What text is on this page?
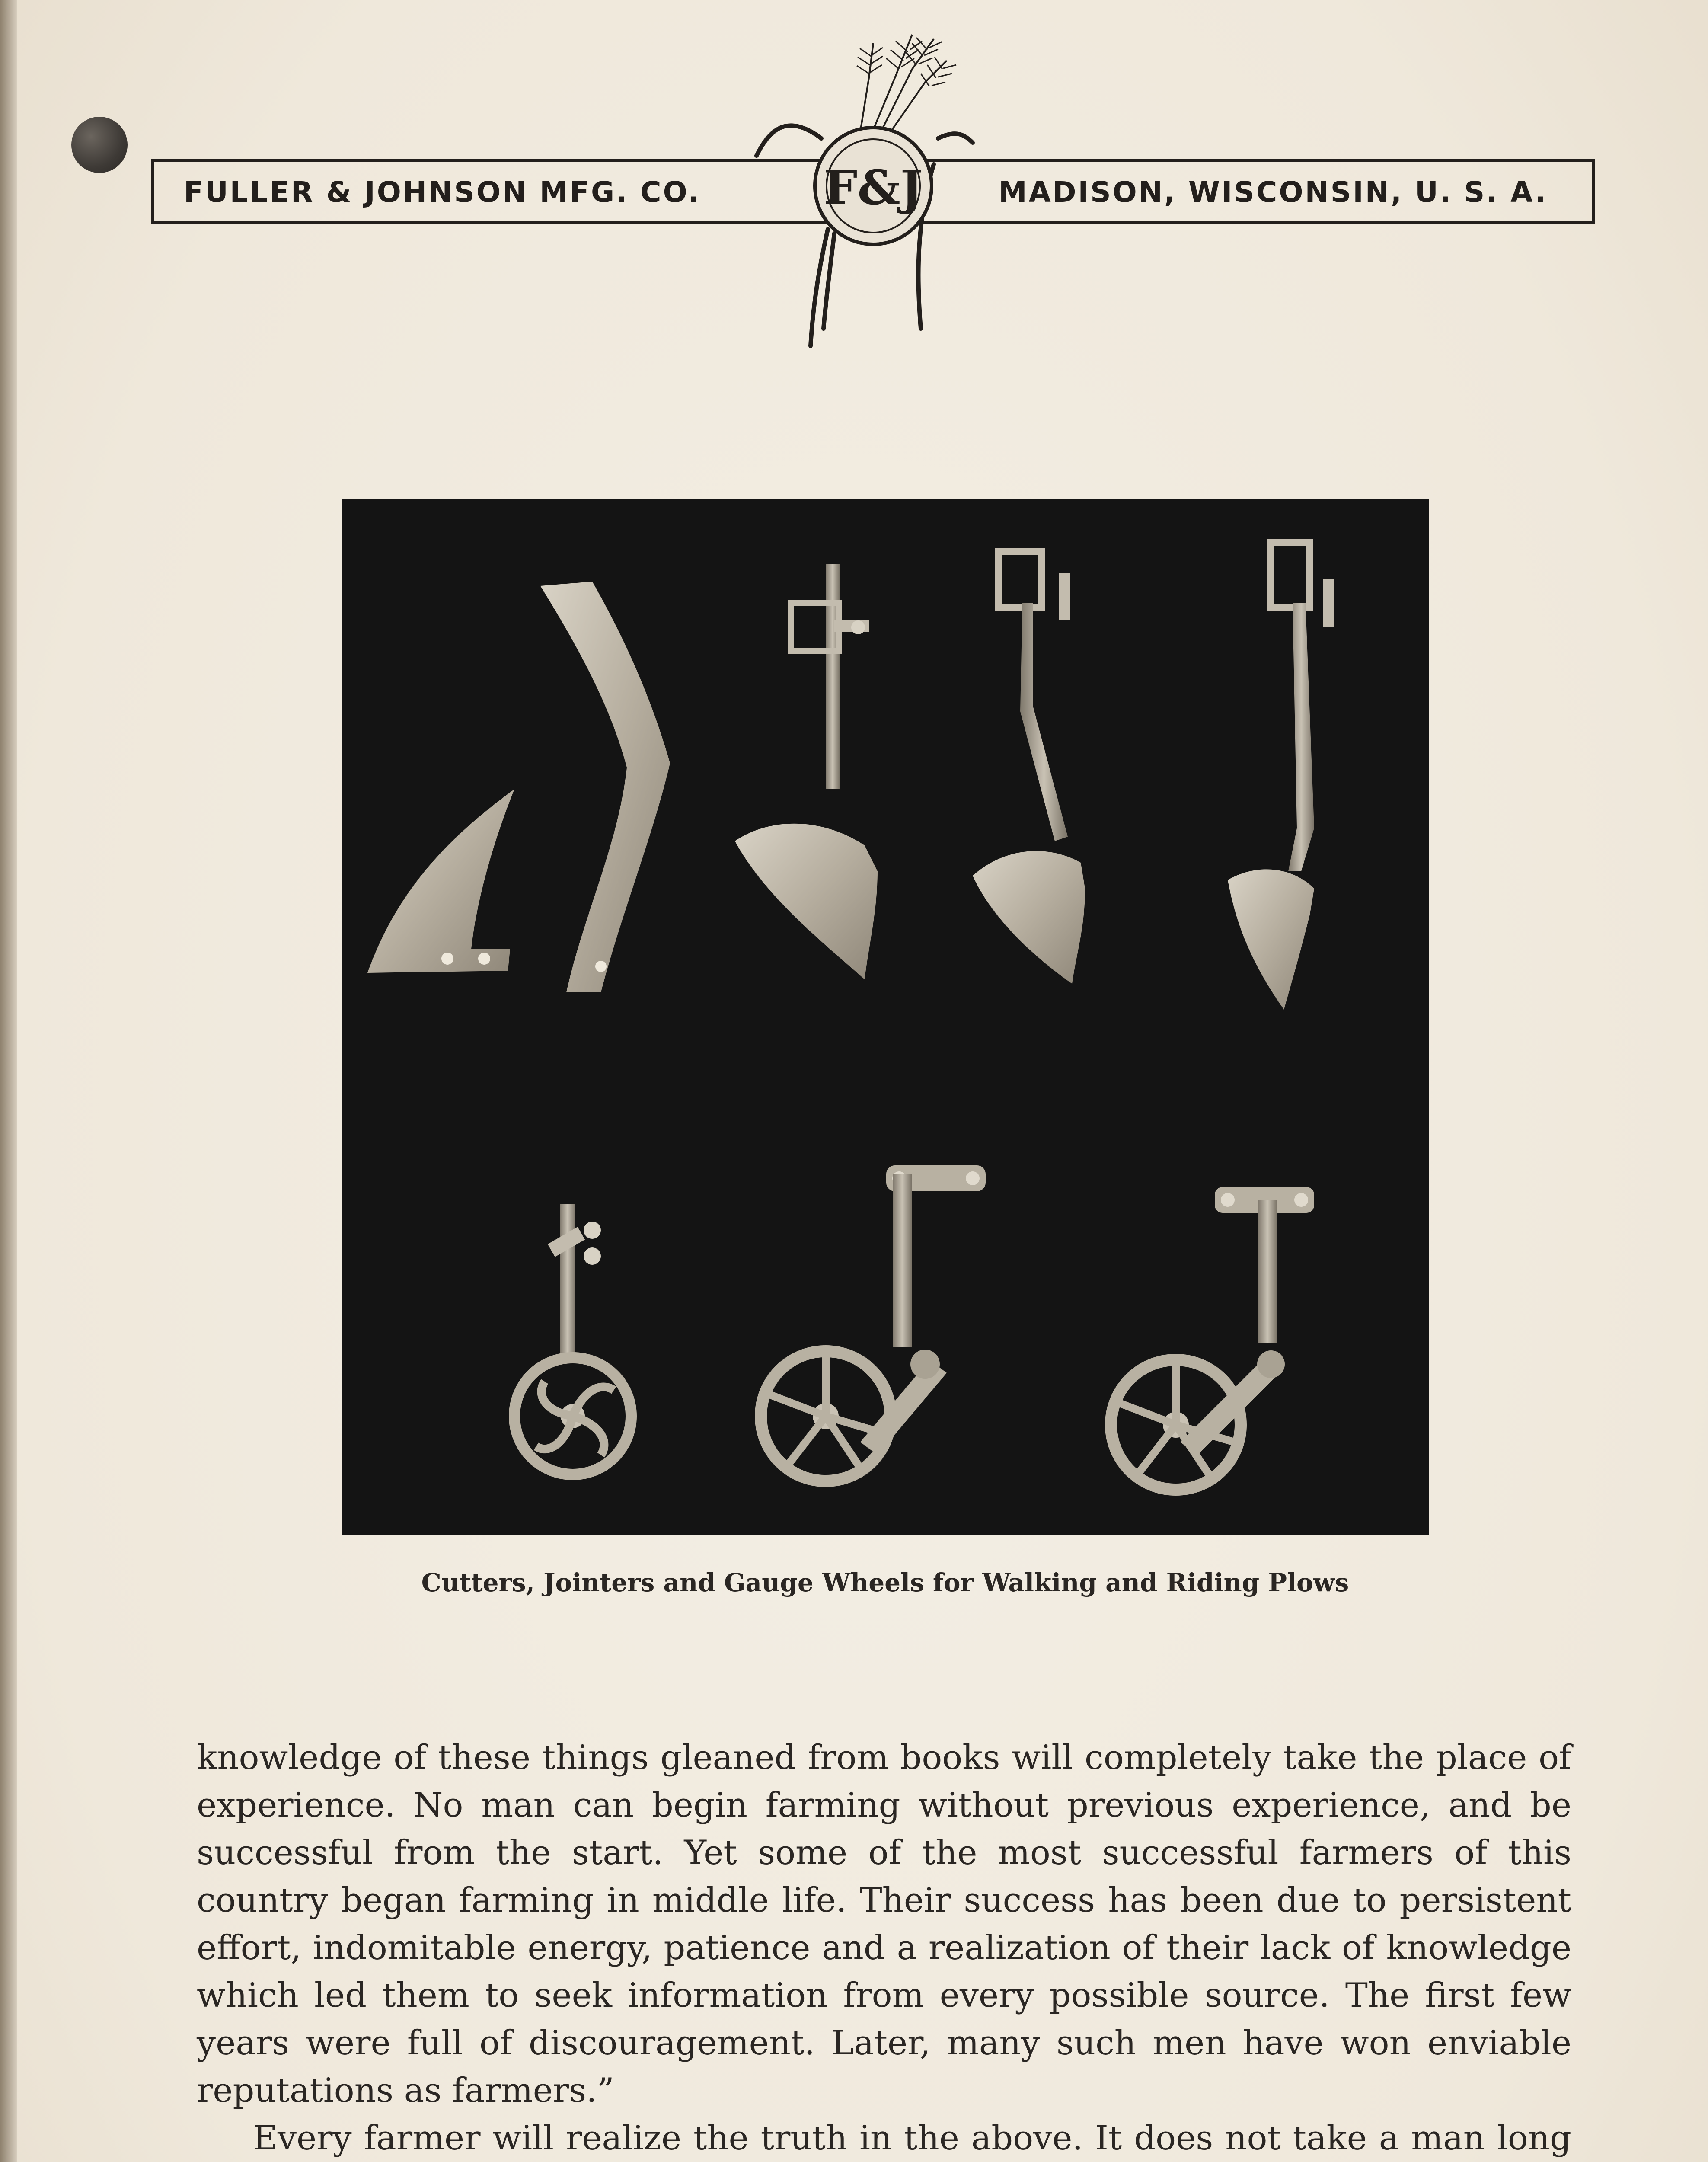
FULLER & JOHNSON MFG. CO.	MADISON, WISCONSIN, U. S. A.
F&J
Cutters, Jointers and Gauge Wheels for Walking and Riding Plows

knowledge of these things gleaned from books will completely take the place of experience. No man can begin farming without previous experience, and be successful from the start. Yet some of the most successful farmers of this country began farming in middle life. Their success has been due to persistent effort, indomitable energy, patience and a realization of their lack of knowledge which led them to seek information from every possible source. The first few years were full of discouragement. Later, many such men have won enviable reputations as farmers.”

Every farmer will realize the truth in the above. It does not take a man long
